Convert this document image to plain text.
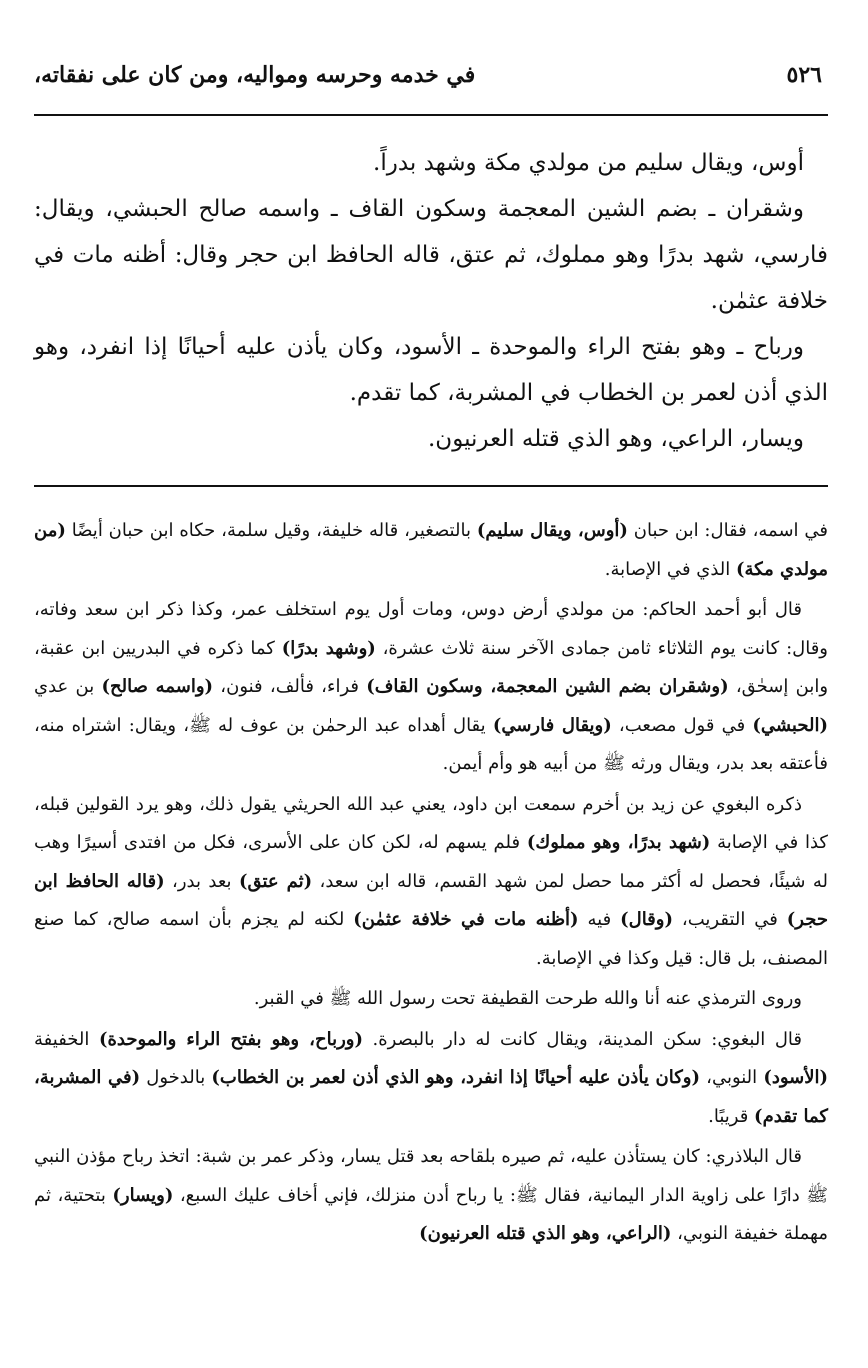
٥٢٦
في خدمه وحرسه ومواليه، ومن كان على نفقاته،

أوس، ويقال سليم من مولدي مكة وشهد بدراً.

وشقران ـ بضم الشين المعجمة وسكون القاف ـ واسمه صالح الحبشي، ويقال: فارسي، شهد بدرًا وهو مملوك، ثم عتق، قاله الحافظ ابن حجر وقال: أظنه مات في خلافة عثمٰن.

ورباح ـ وهو بفتح الراء والموحدة ـ الأسود، وكان يأذن عليه أحيانًا إذا انفرد، وهو الذي أذن لعمر بن الخطاب في المشربة، كما تقدم.

ويسار، الراعي، وهو الذي قتله العرنيون.

في اسمه، فقال: ابن حبان (أوس، ويقال سليم) بالتصغير، قاله خليفة، وقيل سلمة، حكاه ابن حبان أيضًا (من مولدي مكة) الذي في الإصابة.

قال أبو أحمد الحاكم: من مولدي أرض دوس، ومات أول يوم استخلف عمر، وكذا ذكر ابن سعد وفاته، وقال: كانت يوم الثلاثاء ثامن جمادى الآخر سنة ثلاث عشرة، (وشهد بدرًا) كما ذكره في البدريين ابن عقبة، وابن إسحٰق، (وشقران بضم الشين المعجمة، وسكون القاف) فراء، فألف، فنون، (واسمه صالح) بن عدي (الحبشي) في قول مصعب، (ويقال فارسي) يقال أهداه عبد الرحمٰن بن عوف له ﷺ، ويقال: اشتراه منه، فأعتقه بعد بدر، ويقال ورثه ﷺ من أبيه هو وأم أيمن.

ذكره البغوي عن زيد بن أخرم سمعت ابن داود، يعني عبد الله الحريثي يقول ذلك، وهو يرد القولين قبله، كذا في الإصابة (شهد بدرًا، وهو مملوك) فلم يسهم له، لكن كان على الأسرى، فكل من افتدى أسيرًا وهب له شيئًا، فحصل له أكثر مما حصل لمن شهد القسم، قاله ابن سعد، (ثم عتق) بعد بدر، (قاله الحافظ ابن حجر) في التقريب، (وقال) فيه (أظنه مات في خلافة عثمٰن) لكنه لم يجزم بأن اسمه صالح، كما صنع المصنف، بل قال: قيل وكذا في الإصابة.

وروى الترمذي عنه أنا والله طرحت القطيفة تحت رسول الله ﷺ في القبر.

قال البغوي: سكن المدينة، ويقال كانت له دار بالبصرة. (ورباح، وهو بفتح الراء والموحدة) الخفيفة (الأسود) النوبي، (وكان يأذن عليه أحيانًا إذا انفرد، وهو الذي أذن لعمر بن الخطاب) بالدخول (في المشربة، كما تقدم) قريبًا.

قال البلاذري: كان يستأذن عليه، ثم صيره بلقاحه بعد قتل يسار، وذكر عمر بن شبة: اتخذ رباح مؤذن النبي ﷺ دارًا على زاوية الدار اليمانية، فقال ﷺ: يا رباح أدن منزلك، فإني أخاف عليك السبع، (ويسار) بتحتية، ثم مهملة خفيفة النوبي، (الراعي، وهو الذي قتله العرنيون)
